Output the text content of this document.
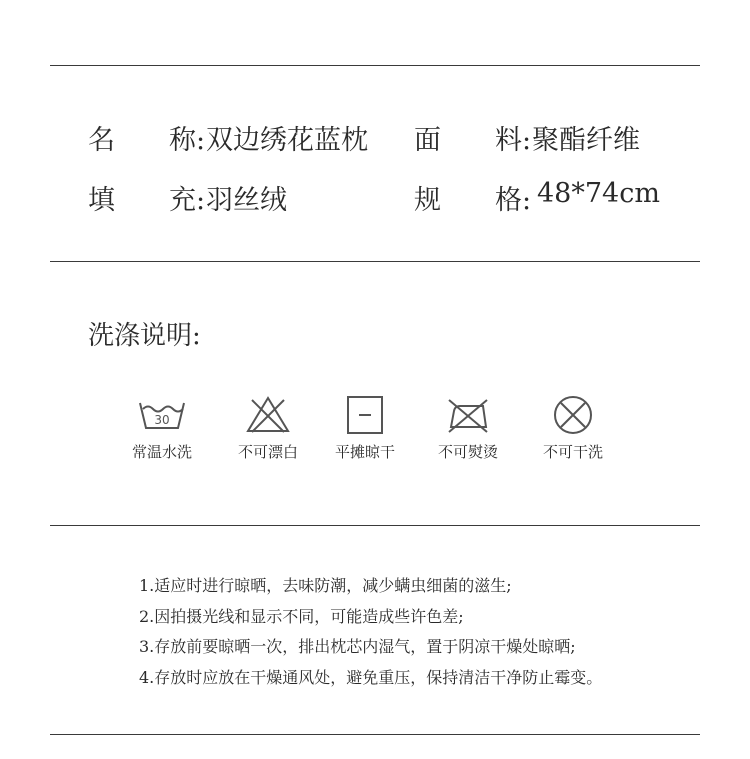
名　　称: 双边绣花蓝枕 面　　料: 聚酯纤维
填　　充: 羽丝绒	规　　格: 48*74cm
洗涤说明:
30
常温水洗	不可漂白	平摊晾干	不可熨烫	不可干洗
1.适应时进行晾晒，去味防潮，减少螨虫细菌的滋生;
2.因拍摄光线和显示不同，可能造成些许色差;
3.存放前要晾晒一次，排出枕芯内湿气，置于阴凉干燥处晾晒;
4.存放时应放在干燥通风处，避免重压，保持清洁干净防止霉变。
